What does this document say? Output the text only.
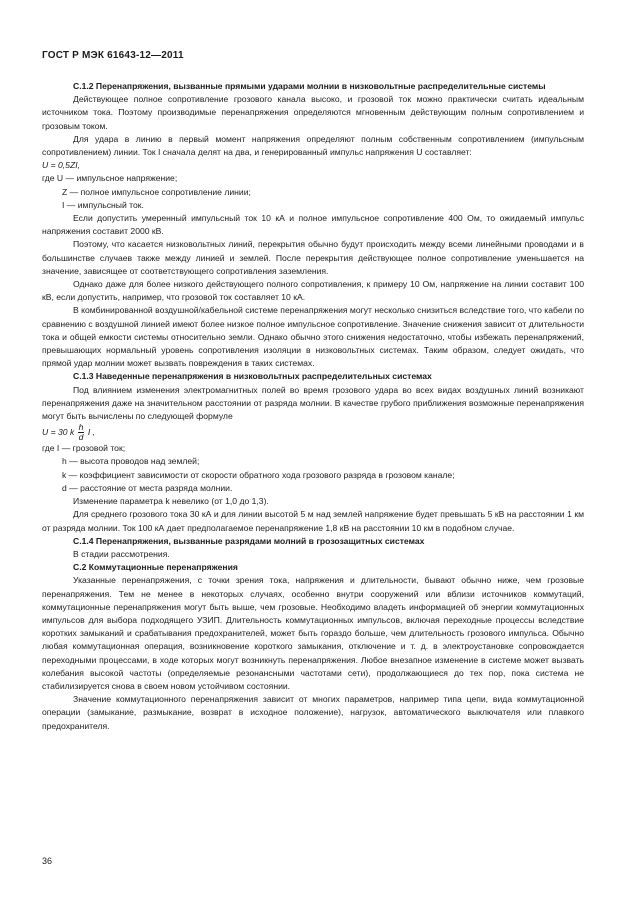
ГОСТ Р МЭК 61643-12—2011

С.1.2 Перенапряжения, вызванные прямыми ударами молнии в низковольтные распределительные системы

Действующее полное сопротивление грозового канала высоко, и грозовой ток можно практически считать идеальным источником тока. Поэтому производимые перенапряжения определяются мгновенным действующим полным сопротивлением и грозовым током.

Для удара в линию в первый момент напряжения определяют полным собственным сопротивлением (импульсным сопротивлением) линии. Ток I сначала делят на два, и генерированный импульс напряжения U составляет:

U = 0,5ZI,

где U — импульсное напряжение;

Z — полное импульсное сопротивление линии;

I — импульсный ток.

Если допустить умеренный импульсный ток 10 кА и полное импульсное сопротивление 400 Ом, то ожидаемый импульс напряжения составит 2000 кВ.

Поэтому, что касается низковольтных линий, перекрытия обычно будут происходить между всеми линейными проводами и в большинстве случаев также между линией и землей. После перекрытия действующее полное сопротивление уменьшается на значение, зависящее от соответствующего сопротивления заземления.

Однако даже для более низкого действующего полного сопротивления, к примеру 10 Ом, напряжение на линии составит 100 кВ, если допустить, например, что грозовой ток составляет 10 кА.

В комбинированной воздушной/кабельной системе перенапряжения могут несколько снизиться вследствие того, что кабели по сравнению с воздушной линией имеют более низкое полное импульсное сопротивление. Значение снижения зависит от длительности тока и общей емкости системы относительно земли. Однако обычно этого снижения недостаточно, чтобы избежать перенапряжений, превышающих нормальный уровень сопротивления изоляции в низковольтных системах. Таким образом, следует ожидать, что прямой удар молнии может вызвать повреждения в таких системах.

С.1.3 Наведенные перенапряжения в низковольтных распределительных системах

Под влиянием изменения электромагнитных полей во время грозового удара во всех видах воздушных линий возникают перенапряжения даже на значительном расстоянии от разряда молнии. В качестве грубого приближения возможные перенапряжения могут быть вычислены по следующей формуле

U = 30 k $\frac{h}{d}$ I ,

где I — грозовой ток;

h — высота проводов над землей;

k — коэффициент зависимости от скорости обратного хода грозового разряда в грозовом канале;

d — расстояние от места разряда молнии.

Изменение параметра k невелико (от 1,0 до 1,3).

Для среднего грозового тока 30 кА и для линии высотой 5 м над землей напряжение будет превышать 5 кВ на расстоянии 1 км от разряда молнии. Ток 100 кА дает предполагаемое перенапряжение 1,8 кВ на расстоянии 10 км в подобном случае.

С.1.4 Перенапряжения, вызванные разрядами молний в грозозащитных системах

В стадии рассмотрения.

С.2 Коммутационные перенапряжения

Указанные перенапряжения, с точки зрения тока, напряжения и длительности, бывают обычно ниже, чем грозовые перенапряжения. Тем не менее в некоторых случаях, особенно внутри сооружений или вблизи источников коммутаций, коммутационные перенапряжения могут быть выше, чем грозовые. Необходимо владеть информацией об энергии коммутационных импульсов для выбора подходящего УЗИП. Длительность коммутационных импульсов, включая переходные процессы вследствие коротких замыканий и срабатывания предохранителей, может быть гораздо больше, чем длительность грозового импульса. Обычно любая коммутационная операция, возникновение короткого замыкания, отключение и т. д. в электроустановке сопровождается переходными процессами, в ходе которых могут возникнуть перенапряжения. Любое внезапное изменение в системе может вызвать колебания высокой частоты (определяемые резонансными частотами сети), продолжающиеся до тех пор, пока система не стабилизируется снова в своем новом устойчивом состоянии.

Значение коммутационного перенапряжения зависит от многих параметров, например типа цепи, вида коммутационной операции (замыкание, размыкание, возврат в исходное положение), нагрузок, автоматического выключателя или плавкого предохранителя.

36
